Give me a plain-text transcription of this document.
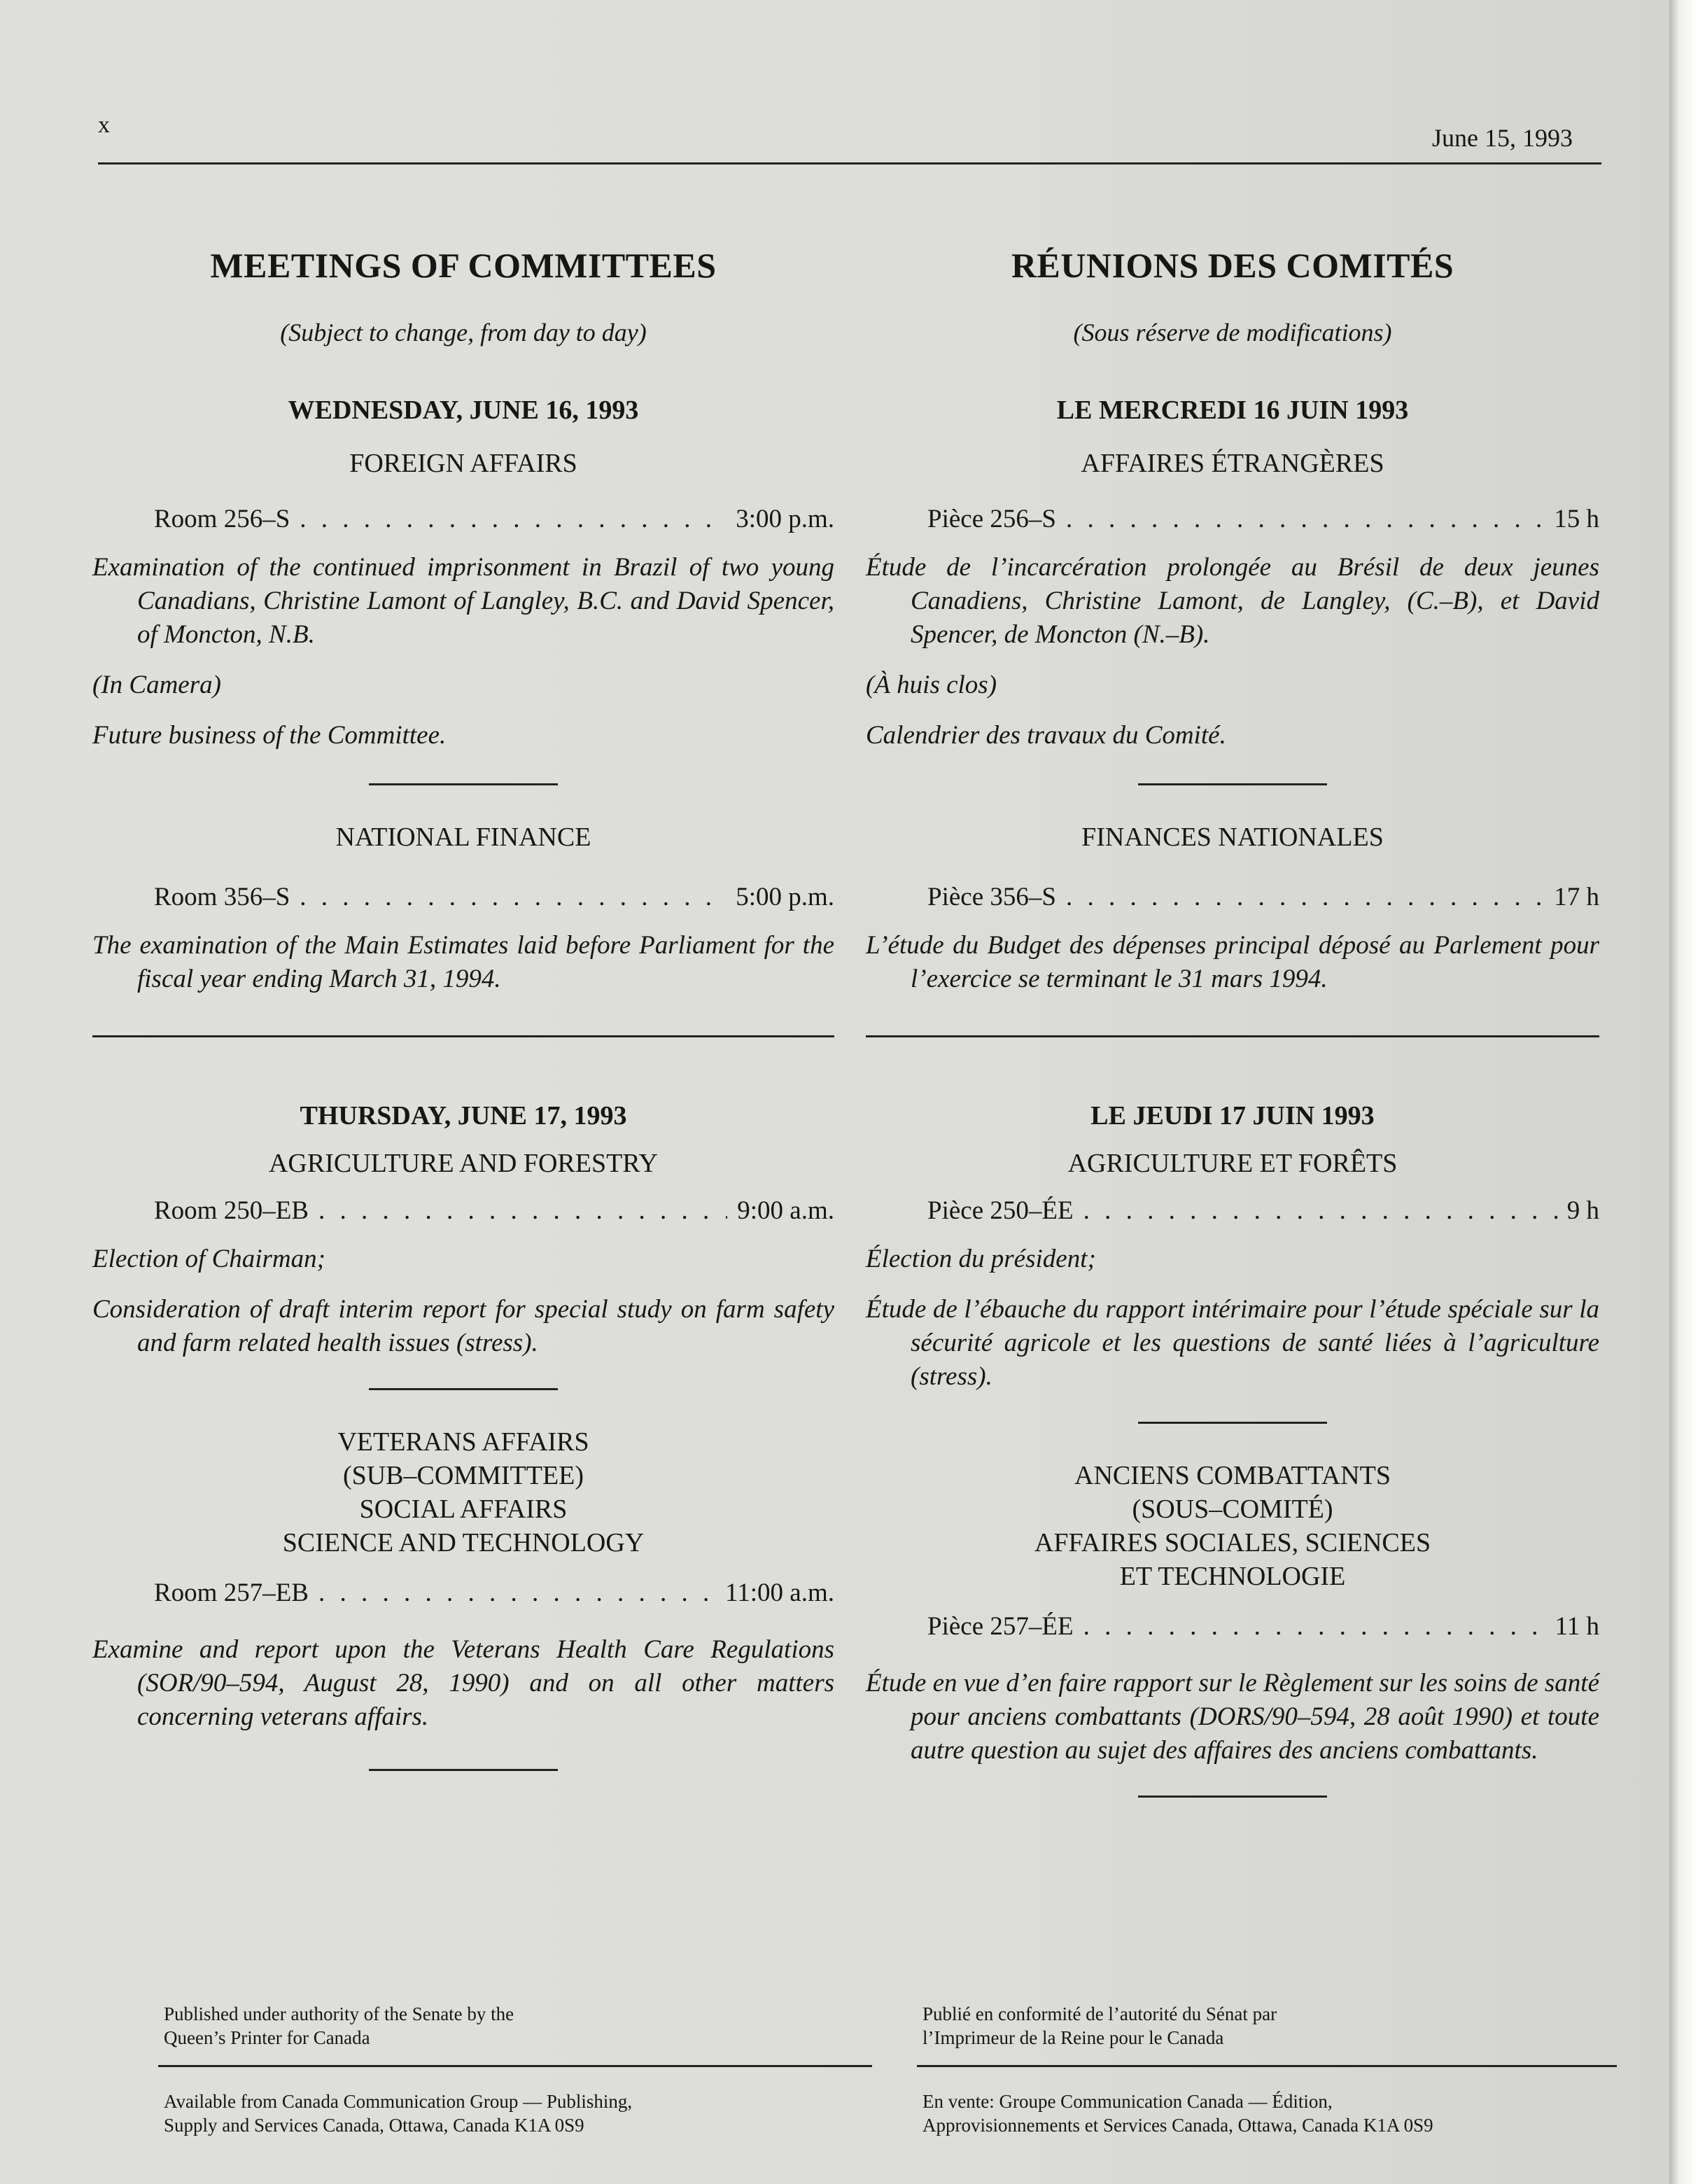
x	June 15, 1993
MEETINGS OF COMMITTEES
(Subject to change, from day to day)
WEDNESDAY, JUNE 16, 1993
FOREIGN AFFAIRS
Room 256–S . . .	3:00 p.m.
Examination of the continued imprisonment in Brazil of two young Canadians, Christine Lamont of Langley, B.C. and David Spencer, of Moncton, N.B.
(In Camera)
Future business of the Committee.
NATIONAL FINANCE
Room 356–S . . .	5:00 p.m.
The examination of the Main Estimates laid before Parliament for the fiscal year ending March 31, 1994.
THURSDAY, JUNE 17, 1993
AGRICULTURE AND FORESTRY
Room 250–EB . . .	9:00 a.m.
Election of Chairman;
Consideration of draft interim report for special study on farm safety and farm related health issues (stress).
VETERANS AFFAIRS
(SUB–COMMITTEE)
SOCIAL AFFAIRS
SCIENCE AND TECHNOLOGY
Room 257–EB . . .	11:00 a.m.
Examine and report upon the Veterans Health Care Regulations (SOR/90–594, August 28, 1990) and on all other matters concerning veterans affairs.
RÉUNIONS DES COMITÉS
(Sous réserve de modifications)
LE MERCREDI 16 JUIN 1993
AFFAIRES ÉTRANGÈRES
Pièce 256–S . . .	15 h
Étude de l’incarcération prolongée au Brésil de deux jeunes Canadiens, Christine Lamont, de Langley, (C.–B), et David Spencer, de Moncton (N.–B).
(À huis clos)
Calendrier des travaux du Comité.
FINANCES NATIONALES
Pièce 356–S . . .	17 h
L’étude du Budget des dépenses principal déposé au Parlement pour l’exercice se terminant le 31 mars 1994.
LE JEUDI 17 JUIN 1993
AGRICULTURE ET FORÊTS
Pièce 250–ÉE . . .	9 h
Élection du président;
Étude de l’ébauche du rapport intérimaire pour l’étude spéciale sur la sécurité agricole et les questions de santé liées à l’agriculture (stress).
ANCIENS COMBATTANTS
(SOUS–COMITÉ)
AFFAIRES SOCIALES, SCIENCES
ET TECHNOLOGIE
Pièce 257–ÉE . . .	11 h
Étude en vue d’en faire rapport sur le Règlement sur les soins de santé pour anciens combattants (DORS/90–594, 28 août 1990) et toute autre question au sujet des affaires des anciens combattants.
Published under authority of the Senate by the
Queen’s Printer for Canada
Publié en conformité de l’autorité du Sénat par
l’Imprimeur de la Reine pour le Canada
Available from Canada Communication Group — Publishing,
Supply and Services Canada, Ottawa, Canada K1A 0S9
En vente: Groupe Communication Canada — Édition,
Approvisionnements et Services Canada, Ottawa, Canada K1A 0S9
